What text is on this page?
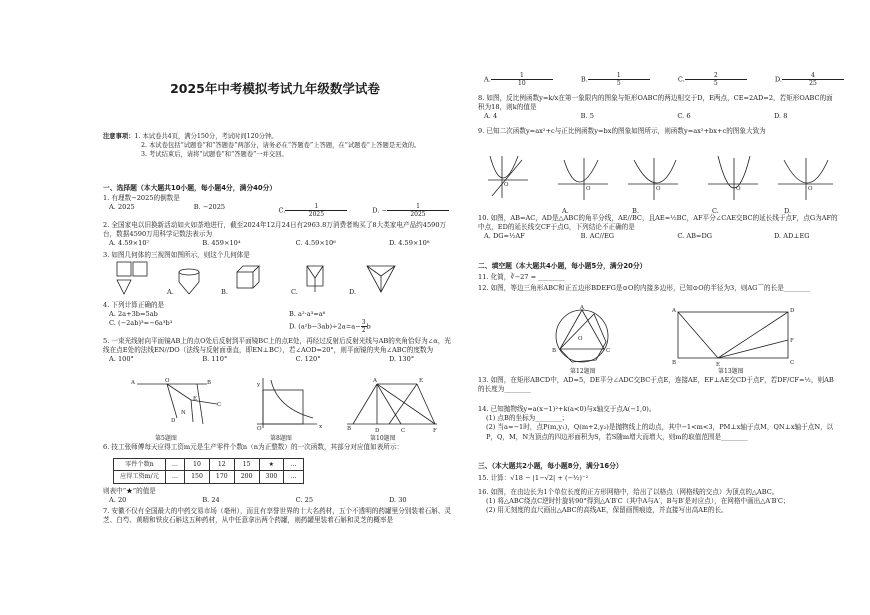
2025年中考模拟考试九年级数学试卷
注意事项：1. 本试卷共4页，满分150分，考试时间120分钟。
2. 本试卷包括“试题卷”和“答题卷”两部分，请务必在“答题卷”上答题，在“试题卷”上答题是无效的。
3. 考试结束后，请将“试题卷”和“答题卷”一并交回。
一、选择题（本大题共10小题，每小题4分，满分40分）
1. 有理数−2025的倒数是
A. 2025	B. −2025	C. $\frac{1}{2025}$	D. − $\frac{1}{2025}$
2. 全国家电以旧换新活动如火如荼地进行，截至2024年12月24日有2963.8万消费者购买了8大类家电产品约4590万台，数据4590万用科学记数法表示为
A. 4.59×10⁷	B. 459×10⁴	C. 4.59×10⁶	D. 4.59×10⁸
3. 如图几何体的三视图如图所示，则这个几何体是
A.	B.	C.	D.
4. 下列计算正确的是
A. 2a+3b=5ab	B. a²·a³=a⁶
C. (−2ab)³=−6a³b³	D. $(a^2b-3ab)\div 2a=a- \frac{3}{2}$ b
5. 一束光线射向平面镜AB上的点O处后反射到平面镜BC上的点E处，再经过反射后反射光线与AB的夹角恰好为∠α，光线在点E处的法线EN//DO（法线与反射面垂直，即EN⊥BC），若∠AOD=20°，则平面镜的夹角∠ABC的度数为
A. 100°	B. 110°	C. 120°	D. 130°
A	O	B
C
E
N
D
y
O	x
A	E
B	D	C	F
第5题图	第8题图	第10题图
6. 技工张师傅每天应得工资m元是生产零件个数n（n为正整数）的一次函数，其部分对应值如表所示：
零件个数n	…	10	12	15	★	…
应得工资m/元	…	150	170	200	300	…
则表中“★”的值是
A. 20	B. 24	C. 25	D. 30
7. 安徽不仅有全国最大的中药交易市场（亳州），而且有享誉世界的十大名药材，五个不透明的药罐里分别装着石斛、灵芝、白芍、黄精和铁皮石斛这五种药材，从中任意拿出两个药罐，则药罐里装着石斛和灵芝的概率是
A. $\frac{1}{10}$	B. $\frac{1}{5}$	C. $\frac{2}{5}$	D. $\frac{4}{25}$
8. 如图，反比例函数y=k/x在第一象限内的图象与矩形OABC的两边相交于D，E两点，CE=2AD=2，若矩形OABC的面积为18，则k的值是
A. 4	B. 5	C. 6	D. 8
9. 已知二次函数y=ax²+c与正比例函数y=bx的图象如图所示，则函数y=ax²+bx+c的图象大致为
O
O	O	O	O
A.	B.	C.	D.
10. 如图，AB=AC，AD是△ABC的角平分线，AE//BC，且AE=½BC，AF平分∠CAE交BC的延长线于点F，点G为AF的中点，ED的延长线交CF于点G，下列结论不正确的是
A. DG=½AF	B. AC//EG	C. AB=DG	D. AD⊥EG
二、填空题（本大题共4小题，每小题5分，满分20分）
11. 化简，∛−27 = ________
12. 如图，等边三角形ABC和正五边形BDEFG是⊙O的内接多边形，已知⊙O的半径为3，则AG⌒的长是________
A
O
B	C
A	D
B	E	C
F
第12题图	第13题图
13. 如图，在矩形ABCD中，AD=5，DE平分∠ADC交BC于点E，连接AE，EF⊥AE交CD于点F，若DF/CF=½，则AB的长度为________
14. 已知抛物线y=a(x−1)²+k(a<0)与x轴交于点A(−1,0)。
(1) 点B的坐标为________；
(2) 当a=−1时，点P(m,y₁)，Q(m+2,y₂)是抛物线上的动点，其中−1<m<3，PM⊥x轴于点M，QN⊥x轴于点N，以P，Q，M，N为顶点的四边形面积为S，若S随m增大而增大，则m的取值范围是________
三、（本大题共2小题，每小题8分，满分16分）
15. 计算：√18 − |1−√2| + (−½)⁻²
16. 如图，在由边长为1个单位长度的正方形网格中，给出了以格点（网格线的交点）为顶点的△ABC。
(1) 将△ABC绕点C逆时针旋转90°得到△A′B′C（其中A与A′，B与B′是对应点），在网格中画出△A′B′C；
(2) 用无刻度的直尺画出△ABC的高线AE，保留画图痕迹，并直接写出高AE的长。
